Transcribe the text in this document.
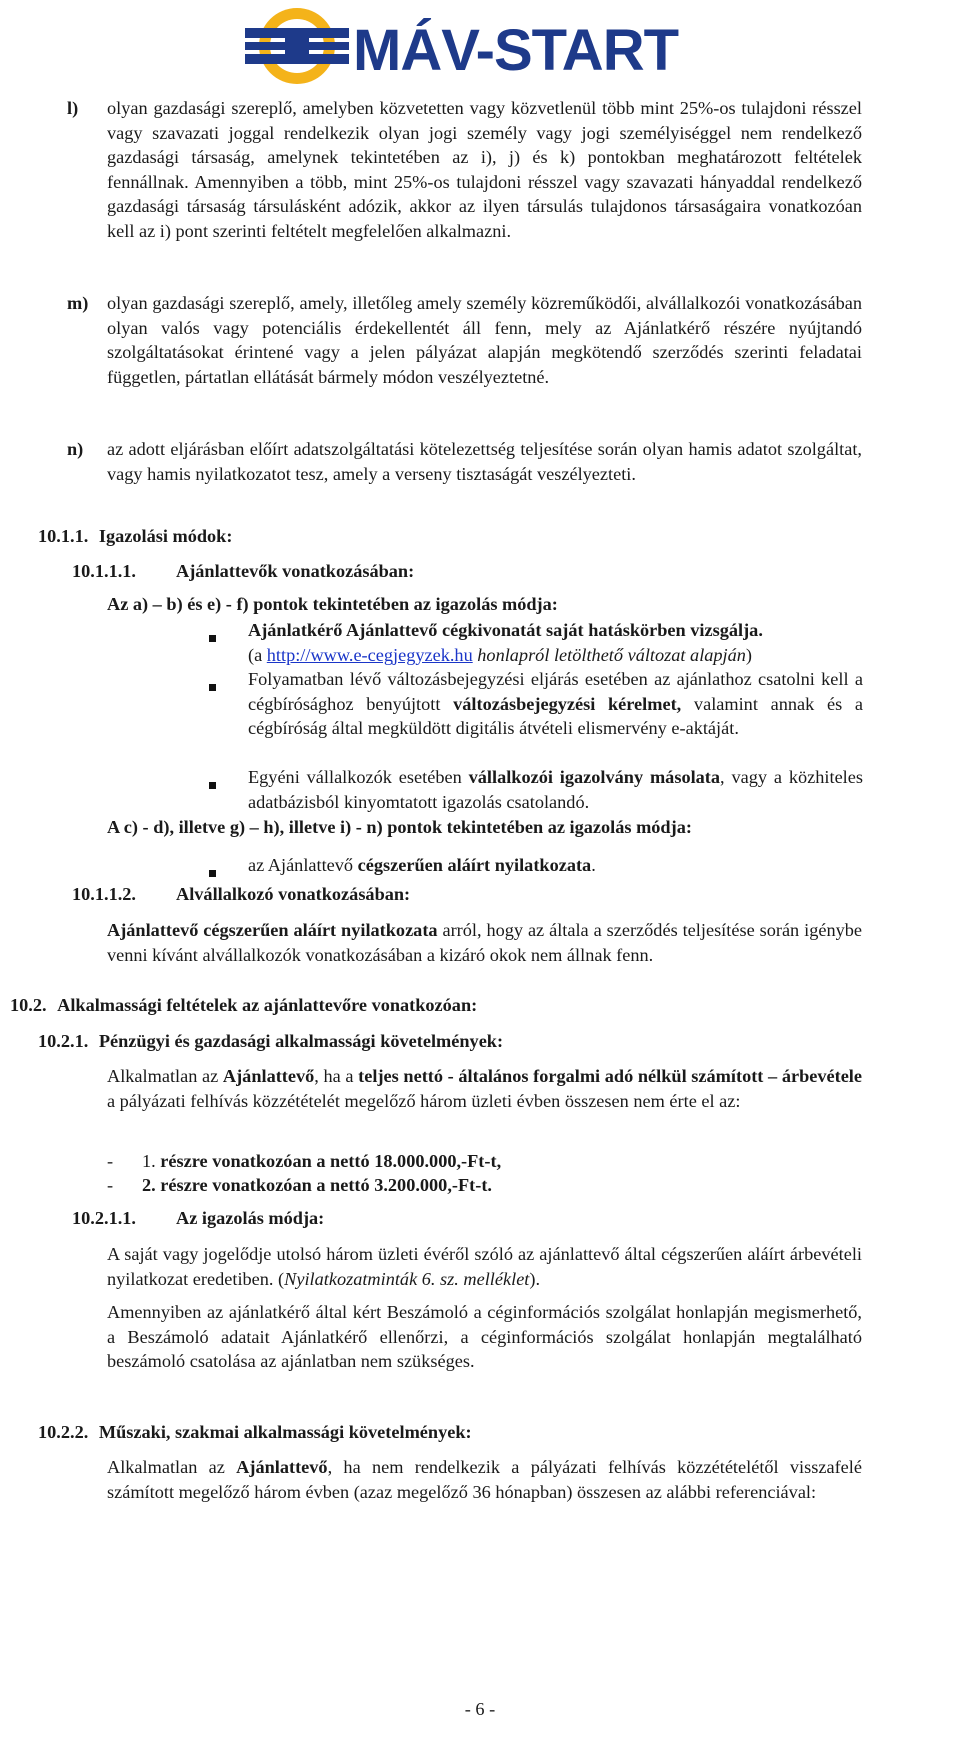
MÁV-START
l) olyan gazdasági szereplő, amelyben közvetetten vagy közvetlenül több mint 25%-os tulajdoni résszel vagy szavazati joggal rendelkezik olyan jogi személy vagy jogi személyiséggel nem rendelkező gazdasági társaság, amelynek tekintetében az i), j) és k) pontokban meghatározott feltételek fennállnak. Amennyiben a több, mint 25%-os tulajdoni résszel vagy szavazati hányaddal rendelkező gazdasági társaság társulásként adózik, akkor az ilyen társulás tulajdonos társaságaira vonatkozóan kell az i) pont szerinti feltételt megfelelően alkalmazni.
m) olyan gazdasági szereplő, amely, illetőleg amely személy közreműködői, alvállalkozói vonatkozásában olyan valós vagy potenciális érdekellentét áll fenn, mely az Ajánlatkérő részére nyújtandó szolgáltatásokat érintené vagy a jelen pályázat alapján megkötendő szerződés szerinti feladatai független, pártatlan ellátását bármely módon veszélyeztetné.
n) az adott eljárásban előírt adatszolgáltatási kötelezettség teljesítése során olyan hamis adatot szolgáltat, vagy hamis nyilatkozatot tesz, amely a verseny tisztaságát veszélyezteti.
10.1.1. Igazolási módok:
10.1.1.1. Ajánlattevők vonatkozásában:
Az a) – b) és e) - f) pontok tekintetében az igazolás módja:
Ajánlatkérő Ajánlattevő cégkivonatát saját hatáskörben vizsgálja.
(a http://www.e-cegjegyzek.hu honlapról letölthető változat alapján)
Folyamatban lévő változásbejegyzési eljárás esetében az ajánlathoz csatolni kell a cégbírósághoz benyújtott változásbejegyzési kérelmet, valamint annak és a cégbíróság által megküldött digitális átvételi elismervény e-aktáját.
Egyéni vállalkozók esetében vállalkozói igazolvány másolata, vagy a közhiteles adatbázisból kinyomtatott igazolás csatolandó.
A c) - d), illetve g) – h), illetve i) - n) pontok tekintetében az igazolás módja:
az Ajánlattevő cégszerűen aláírt nyilatkozata.
10.1.1.2. Alvállalkozó vonatkozásában:
Ajánlattevő cégszerűen aláírt nyilatkozata arról, hogy az általa a szerződés teljesítése során igénybe venni kívánt alvállalkozók vonatkozásában a kizáró okok nem állnak fenn.
10.2. Alkalmassági feltételek az ajánlattevőre vonatkozóan:
10.2.1. Pénzügyi és gazdasági alkalmassági követelmények:
Alkalmatlan az Ajánlattevő, ha a teljes nettó - általános forgalmi adó nélkül számított – árbevétele a pályázati felhívás közzétételét megelőző három üzleti évben összesen nem érte el az:
- 1. részre vonatkozóan a nettó 18.000.000,-Ft-t,
- 2. részre vonatkozóan a nettó 3.200.000,-Ft-t.
10.2.1.1. Az igazolás módja:
A saját vagy jogelődje utolsó három üzleti évéről szóló az ajánlattevő által cégszerűen aláírt árbevételi nyilatkozat eredetiben. (Nyilatkozatminták 6. sz. melléklet).
Amennyiben az ajánlatkérő által kért Beszámoló a céginformációs szolgálat honlapján megismerhető, a Beszámoló adatait Ajánlatkérő ellenőrzi, a céginformációs szolgálat honlapján megtalálható beszámoló csatolása az ajánlatban nem szükséges.
10.2.2. Műszaki, szakmai alkalmassági követelmények:
Alkalmatlan az Ajánlattevő, ha nem rendelkezik a pályázati felhívás közzétételétől visszafelé számított megelőző három évben (azaz megelőző 36 hónapban) összesen az alábbi referenciával:
- 6 -
